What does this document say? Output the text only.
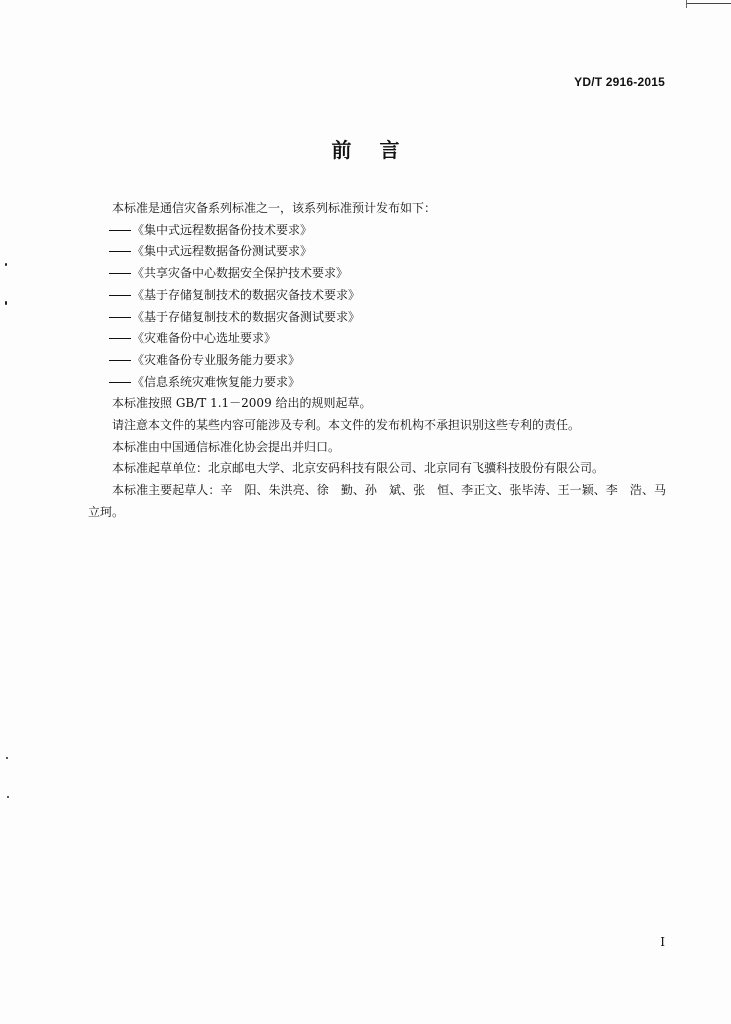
YD/T 2916-2015
前言

本标准是通信灾备系列标准之一，该系列标准预计发布如下：

《集中式远程数据备份技术要求》

《集中式远程数据备份测试要求》

《共享灾备中心数据安全保护技术要求》

《基于存储复制技术的数据灾备技术要求》

《基于存储复制技术的数据灾备测试要求》

《灾难备份中心选址要求》

《灾难备份专业服务能力要求》

《信息系统灾难恢复能力要求》

本标准按照 GB/T 1.1－2009 给出的规则起草。

请注意本文件的某些内容可能涉及专利。本文件的发布机构不承担识别这些专利的责任。

本标准由中国通信标准化协会提出并归口。

本标准起草单位：北京邮电大学、北京安码科技有限公司、北京同有飞骥科技股份有限公司。

本标准主要起草人：辛　阳、朱洪亮、徐　勤、孙　斌、张　恒、李正文、张毕涛、王一颖、李　浩、马立珂。

I
